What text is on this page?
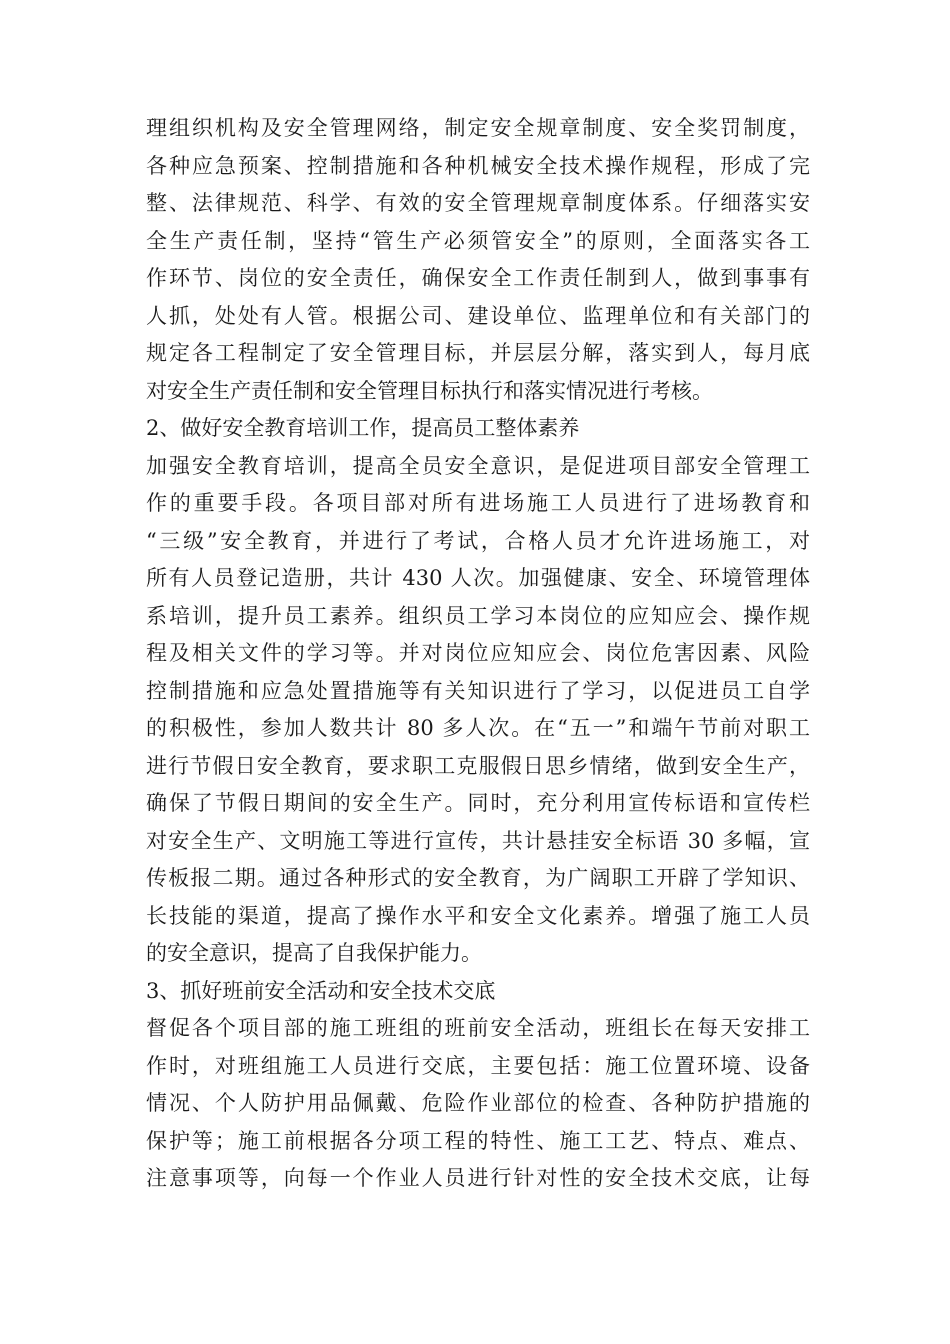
理组织机构及安全管理网络，制定安全规章制度、安全奖罚制度，
各种应急预案、控制措施和各种机械安全技术操作规程，形成了完
整、法律规范、科学、有效的安全管理规章制度体系。仔细落实安
全生产责任制，坚持“管生产必须管安全”的原则，全面落实各工
作环节、岗位的安全责任，确保安全工作责任制到人，做到事事有
人抓，处处有人管。根据公司、建设单位、监理单位和有关部门的
规定各工程制定了安全管理目标，并层层分解，落实到人，每月底
对安全生产责任制和安全管理目标执行和落实情况进行考核。
2、做好安全教育培训工作，提高员工整体素养
加强安全教育培训，提高全员安全意识，是促进项目部安全管理工
作的重要手段。各项目部对所有进场施工人员进行了进场教育和
“三级”安全教育，并进行了考试，合格人员才允许进场施工，对
所有人员登记造册，共计 430 人次。加强健康、安全、环境管理体
系培训，提升员工素养。组织员工学习本岗位的应知应会、操作规
程及相关文件的学习等。并对岗位应知应会、岗位危害因素、风险
控制措施和应急处置措施等有关知识进行了学习，以促进员工自学
的积极性，参加人数共计 80 多人次。在“五一”和端午节前对职工
进行节假日安全教育，要求职工克服假日思乡情绪，做到安全生产，
确保了节假日期间的安全生产。同时，充分利用宣传标语和宣传栏
对安全生产、文明施工等进行宣传，共计悬挂安全标语 30 多幅，宣
传板报二期。通过各种形式的安全教育，为广阔职工开辟了学知识、
长技能的渠道，提高了操作水平和安全文化素养。增强了施工人员
的安全意识，提高了自我保护能力。
3、抓好班前安全活动和安全技术交底
督促各个项目部的施工班组的班前安全活动，班组长在每天安排工
作时，对班组施工人员进行交底，主要包括：施工位置环境、设备
情况、个人防护用品佩戴、危险作业部位的检查、各种防护措施的
保护等；施工前根据各分项工程的特性、施工工艺、特点、难点、
注意事项等，向每一个作业人员进行针对性的安全技术交底，让每
